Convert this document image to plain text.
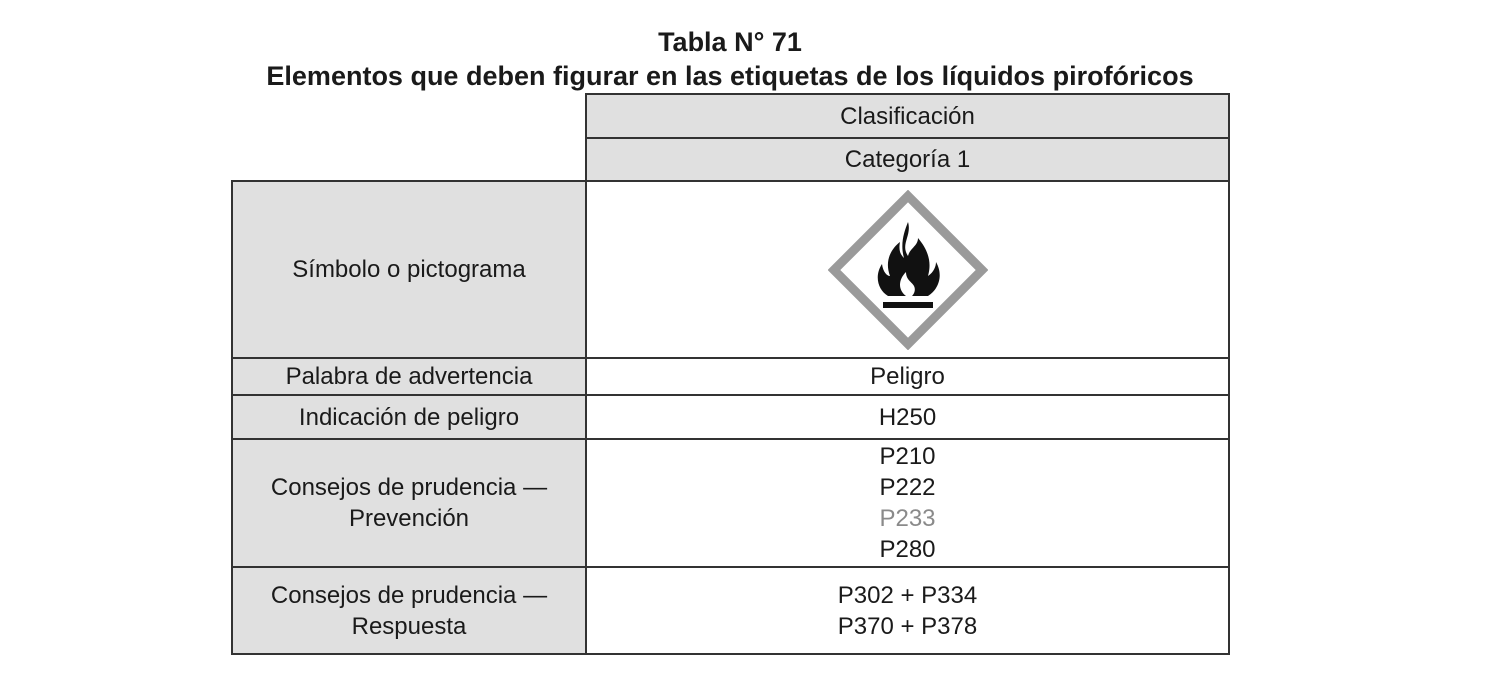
Tabla N° 71
Elementos que deben figurar en las etiquetas de los líquidos pirofóricos
Clasificación
Categoría 1
Símbolo o pictograma
Palabra de advertencia	Peligro
Indicación de peligro	H250
Consejos de prudencia —
Prevención
P210
P222
P233
P280
Consejos de prudencia —
Respuesta
P302 + P334
P370 + P378
